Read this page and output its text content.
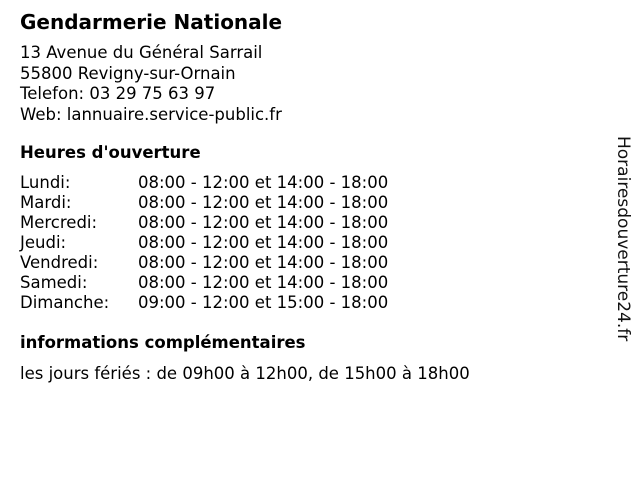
Gendarmerie Nationale
13 Avenue du Général Sarrail
55800 Revigny-sur-Ornain
Telefon: 03 29 75 63 97
Web: lannuaire.service-public.fr
Heures d'ouverture
Lundi:	08:00 - 12:00 et 14:00 - 18:00
Mardi:	08:00 - 12:00 et 14:00 - 18:00
Mercredi: 08:00 - 12:00 et 14:00 - 18:00
Jeudi:	08:00 - 12:00 et 14:00 - 18:00
Vendredi: 08:00 - 12:00 et 14:00 - 18:00
Samedi:	08:00 - 12:00 et 14:00 - 18:00
Dimanche: 09:00 - 12:00 et 15:00 - 18:00
informations complémentaires
les jours fériés : de 09h00 à 12h00, de 15h00 à 18h00
Horairesdouverture24.fr
